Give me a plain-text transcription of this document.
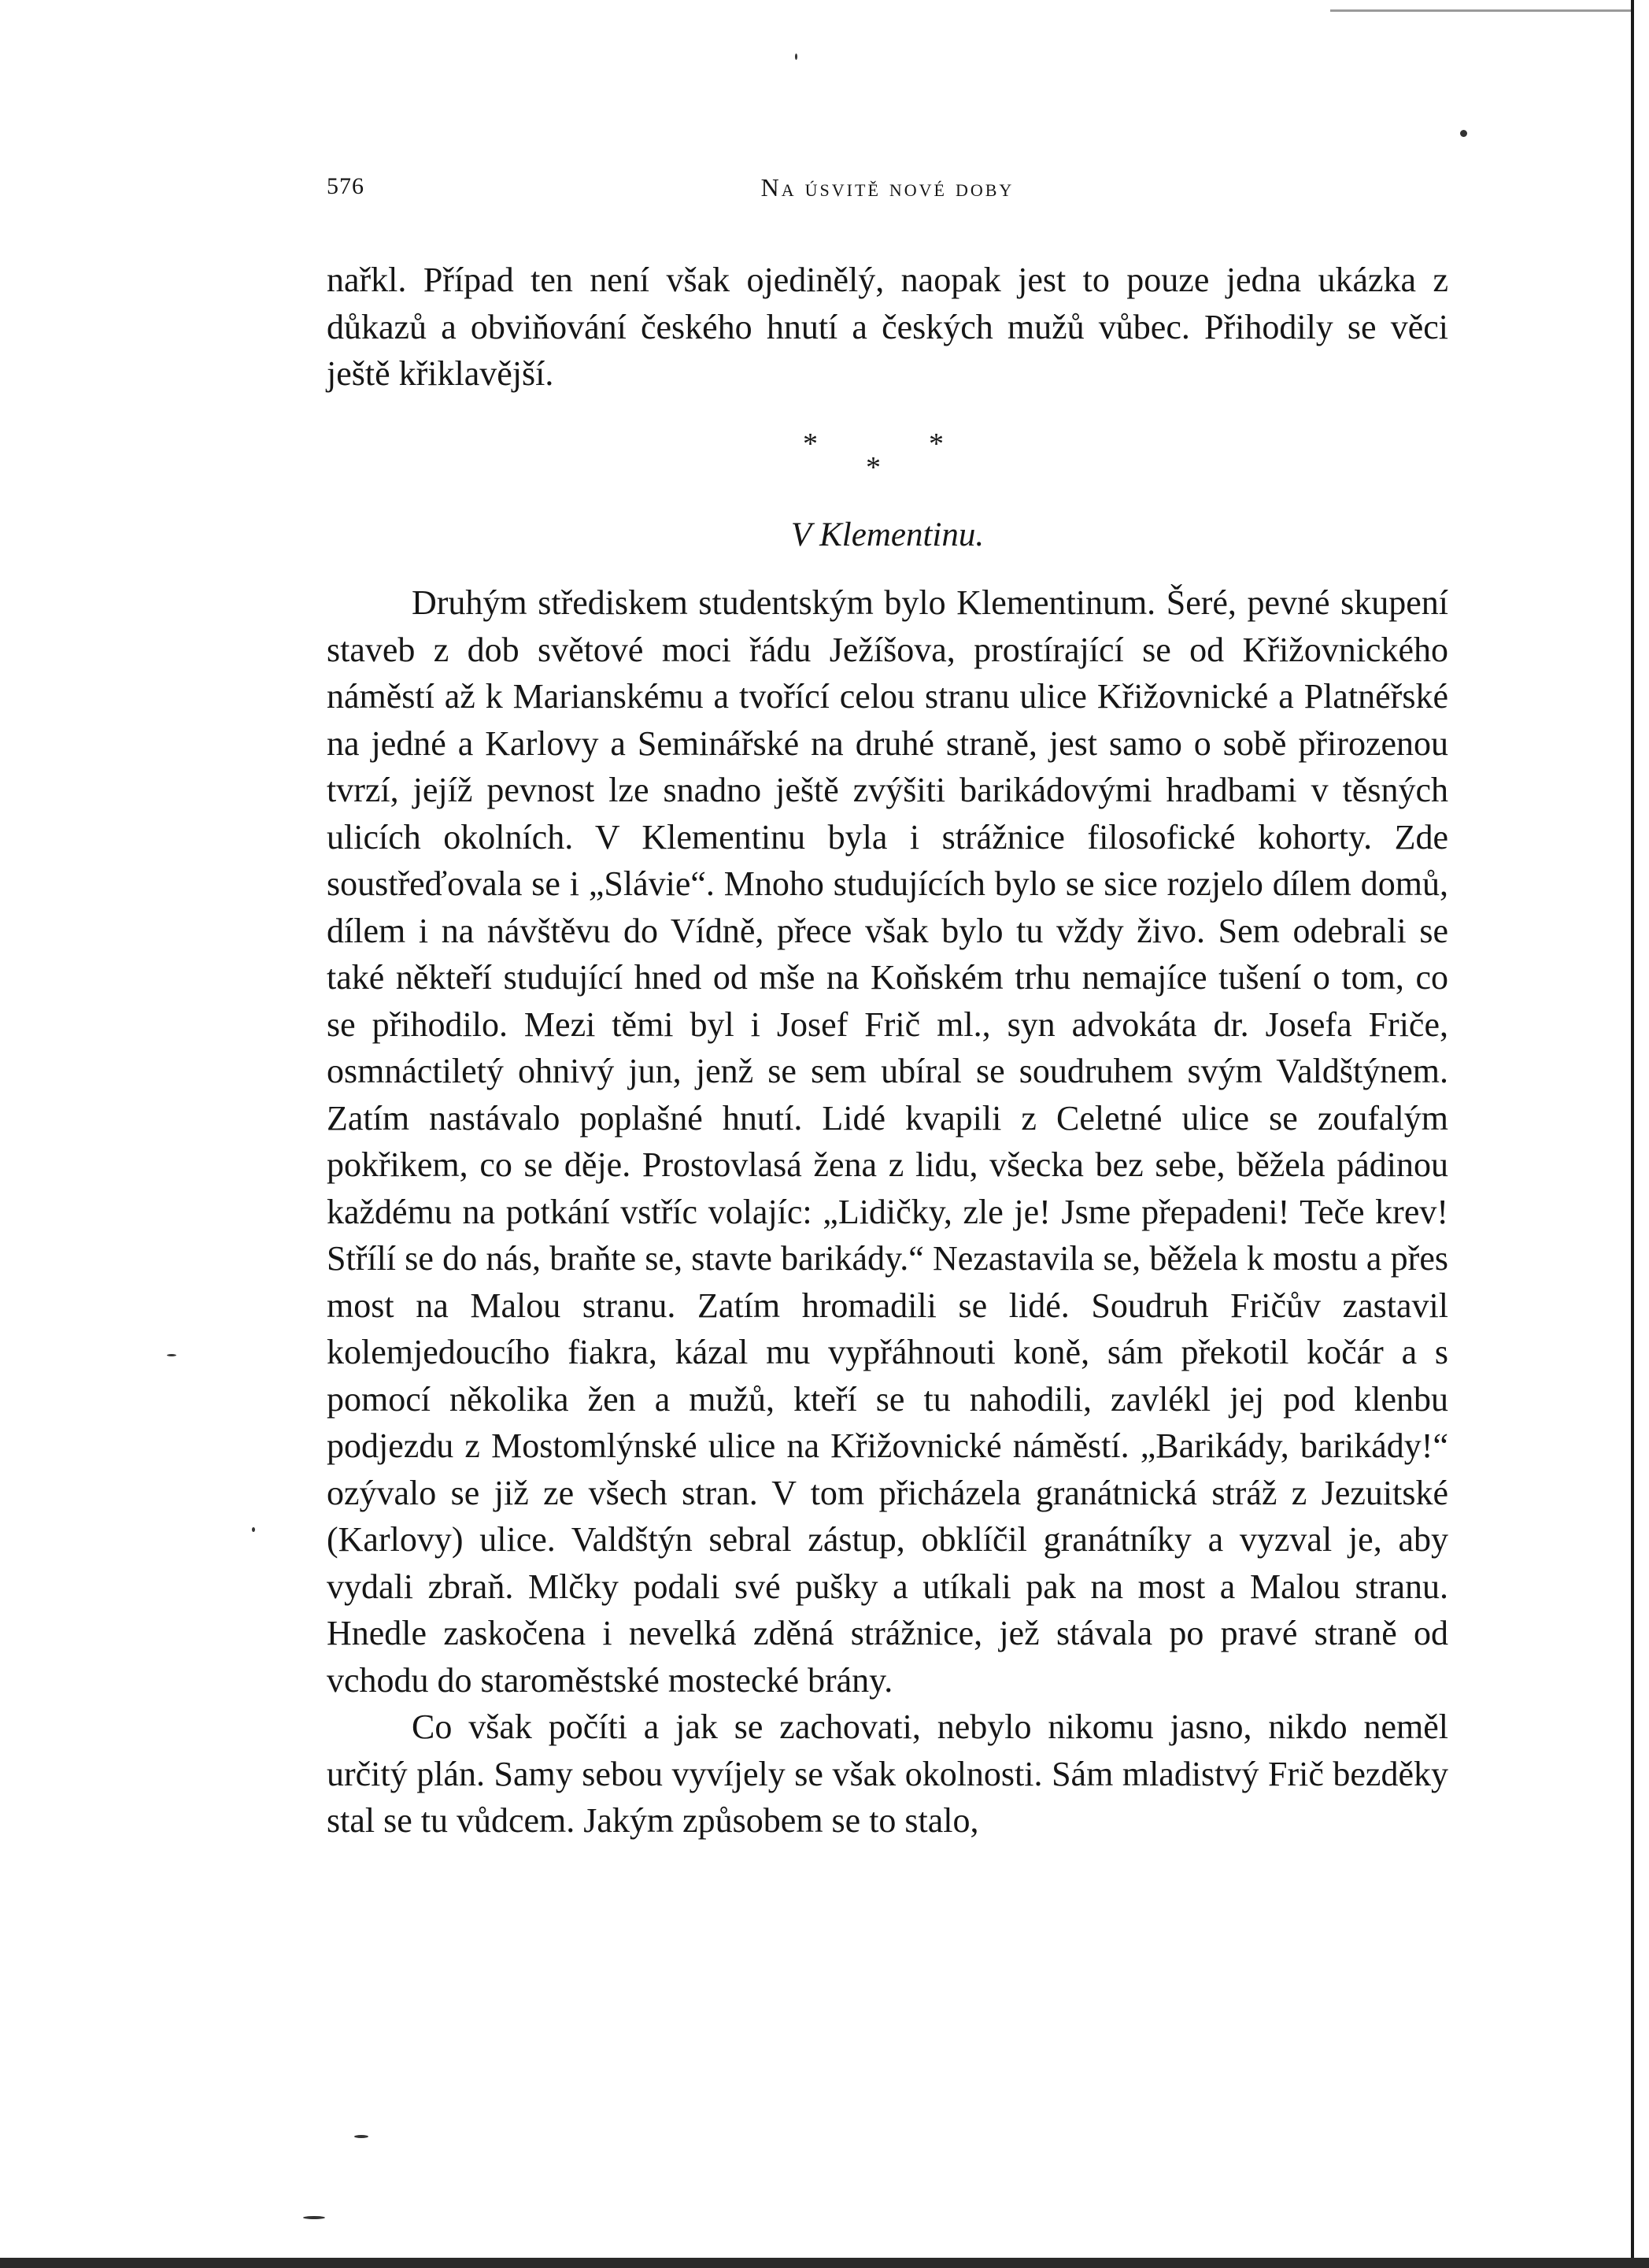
576	Na úsvitě nové doby

nařkl. Případ ten není však ojedinělý, naopak jest to pouze jedna ukázka z důkazů a obviňování českého hnutí a českých mužů vůbec. Přihodily se věci ještě křiklavější.

*	*
*
V Klementinu.

Druhým střediskem studentským bylo Klementinum. Šeré, pevné skupení staveb z dob světové moci řádu Ježíšova, prostírající se od Křižovnického náměstí až k Marianskému a tvořící celou stranu ulice Křižovnické a Platnéřské na jedné a Karlovy a Seminářské na druhé straně, jest samo o sobě přirozenou tvrzí, jejíž pevnost lze snadno ještě zvýšiti barikádovými hradbami v těsných ulicích okolních. V Klementinu byla i strážnice filosofické kohorty. Zde soustřeďovala se i „Slávie“. Mnoho studujících bylo se sice rozjelo dílem domů, dílem i na návštěvu do Vídně, přece však bylo tu vždy živo. Sem odebrali se také někteří studující hned od mše na Koňském trhu nemajíce tušení o tom, co se přihodilo. Mezi těmi byl i Josef Frič ml., syn advokáta dr. Josefa Friče, osmnáctiletý ohnivý jun, jenž se sem ubíral se soudruhem svým Valdštýnem. Zatím nastávalo poplašné hnutí. Lidé kvapili z Celetné ulice se zoufalým pokřikem, co se děje. Prostovlasá žena z lidu, všecka bez sebe, běžela pádinou každému na potkání vstříc volajíc: „Lidičky, zle je! Jsme přepadeni! Teče krev! Střílí se do nás, braňte se, stavte barikády.“ Nezastavila se, běžela k mostu a přes most na Malou stranu. Zatím hromadili se lidé. Soudruh Fričův zastavil kolemjedoucího fiakra, kázal mu vypřáhnouti koně, sám překotil kočár a s pomocí několika žen a mužů, kteří se tu nahodili, zavlékl jej pod klenbu podjezdu z Mostomlýnské ulice na Křižovnické náměstí. „Barikády, barikády!“ ozývalo se již ze všech stran. V tom přicházela granátnická stráž z Jezuitské (Karlovy) ulice. Valdštýn sebral zástup, obklíčil granátníky a vyzval je, aby vydali zbraň. Mlčky podali své pušky a utíkali pak na most a Malou stranu. Hnedle zaskočena i nevelká zděná strážnice, jež stávala po pravé straně od vchodu do staroměstské mostecké brány.

Co však počíti a jak se zachovati, nebylo nikomu jasno, nikdo neměl určitý plán. Samy sebou vyvíjely se však okolnosti. Sám mladistvý Frič bezděky stal se tu vůdcem. Jakým způsobem se to stalo,
